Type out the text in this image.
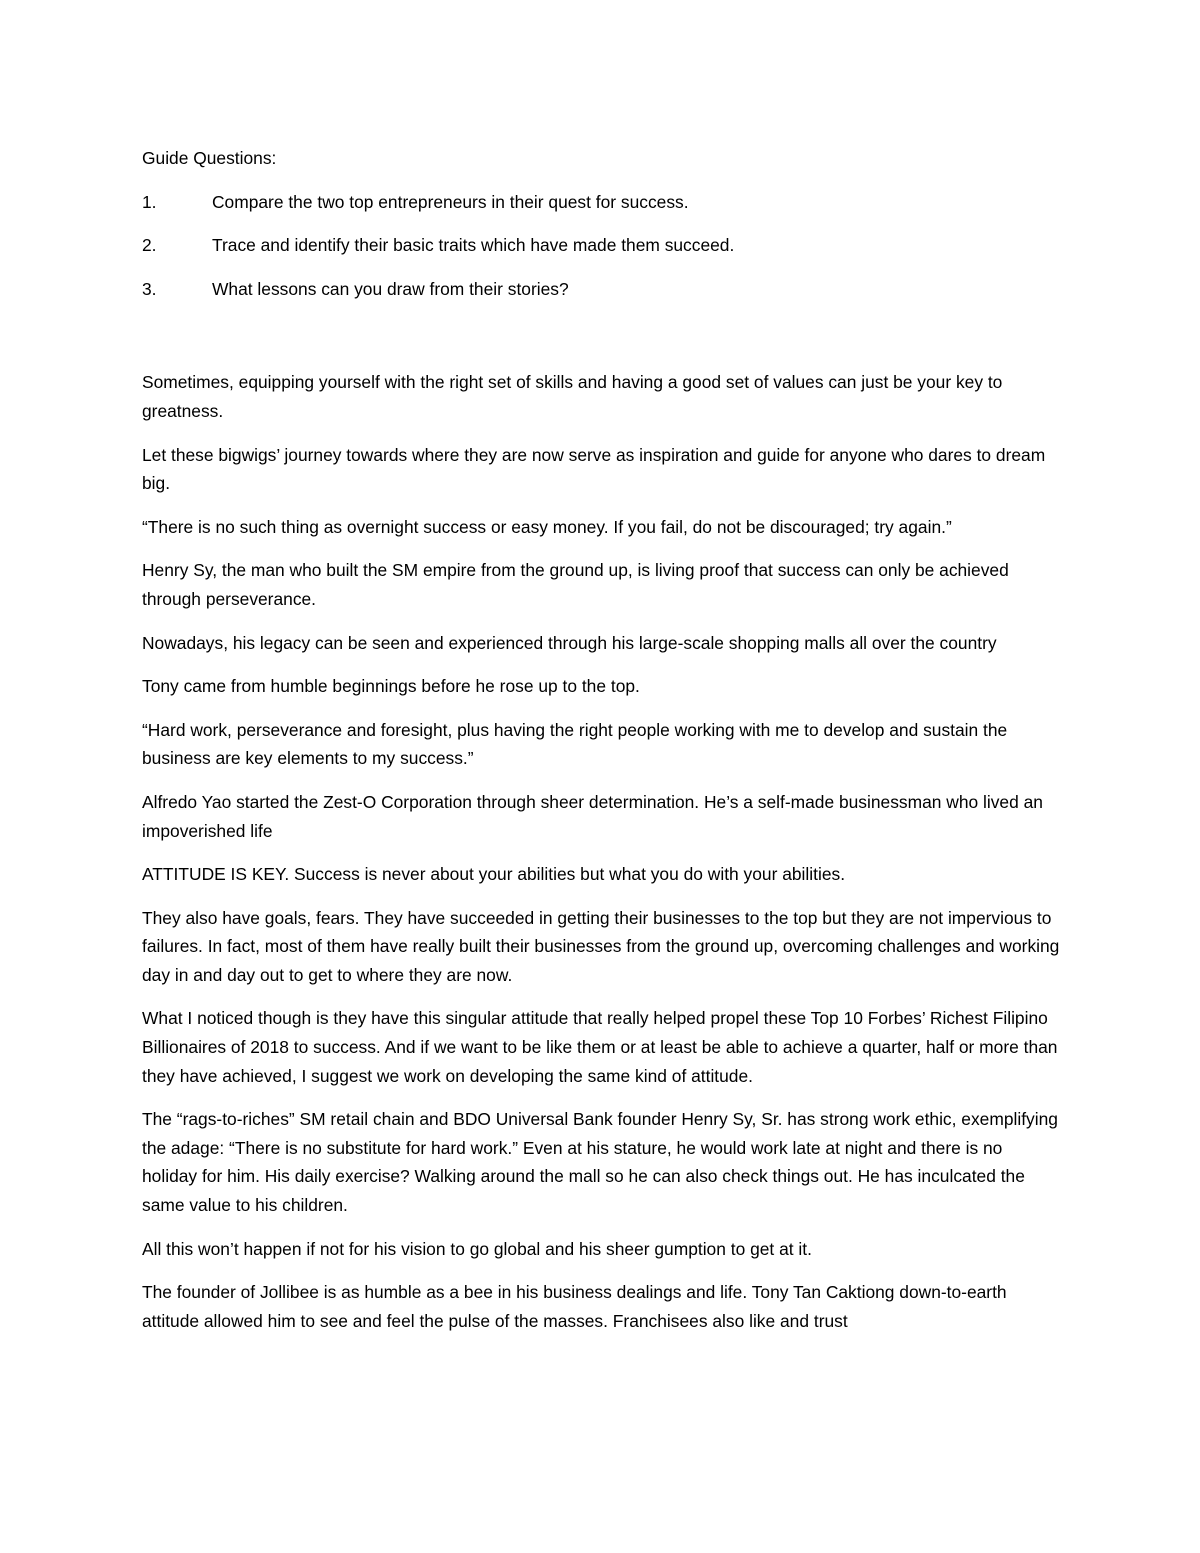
Guide Questions:
1.	Compare the two top entrepreneurs in their quest for success.
2.	Trace and identify their basic traits which have made them succeed.
3.	What lessons can you draw from their stories?

Sometimes, equipping yourself with the right set of skills and having a good set of values can just be your key to greatness.

Let these bigwigs’ journey towards where they are now serve as inspiration and guide for anyone who dares to dream big.

“There is no such thing as overnight success or easy money. If you fail, do not be discouraged; try again.”

Henry Sy, the man who built the SM empire from the ground up, is living proof that success can only be achieved through perseverance.

Nowadays, his legacy can be seen and experienced through his large-scale shopping malls all over the country

Tony came from humble beginnings before he rose up to the top.

“Hard work, perseverance and foresight, plus having the right people working with me to develop and sustain the business are key elements to my success.”

Alfredo Yao started the Zest-O Corporation through sheer determination. He’s a self-made businessman who lived an impoverished life

ATTITUDE IS KEY. Success is never about your abilities but what you do with your abilities.

They also have goals, fears. They have succeeded in getting their businesses to the top but they are not impervious to failures. In fact, most of them have really built their businesses from the ground up, overcoming challenges and working day in and day out to get to where they are now.

What I noticed though is they have this singular attitude that really helped propel these Top 10 Forbes’ Richest Filipino Billionaires of 2018 to success. And if we want to be like them or at least be able to achieve a quarter, half or more than they have achieved, I suggest we work on developing the same kind of attitude.

The “rags-to-riches” SM retail chain and BDO Universal Bank founder Henry Sy, Sr. has strong work ethic, exemplifying the adage: “There is no substitute for hard work.” Even at his stature, he would work late at night and there is no holiday for him. His daily exercise? Walking around the mall so he can also check things out. He has inculcated the same value to his children.

All this won’t happen if not for his vision to go global and his sheer gumption to get at it.

The founder of Jollibee is as humble as a bee in his business dealings and life. Tony Tan Caktiong down-to-earth attitude allowed him to see and feel the pulse of the masses. Franchisees also like and trust
